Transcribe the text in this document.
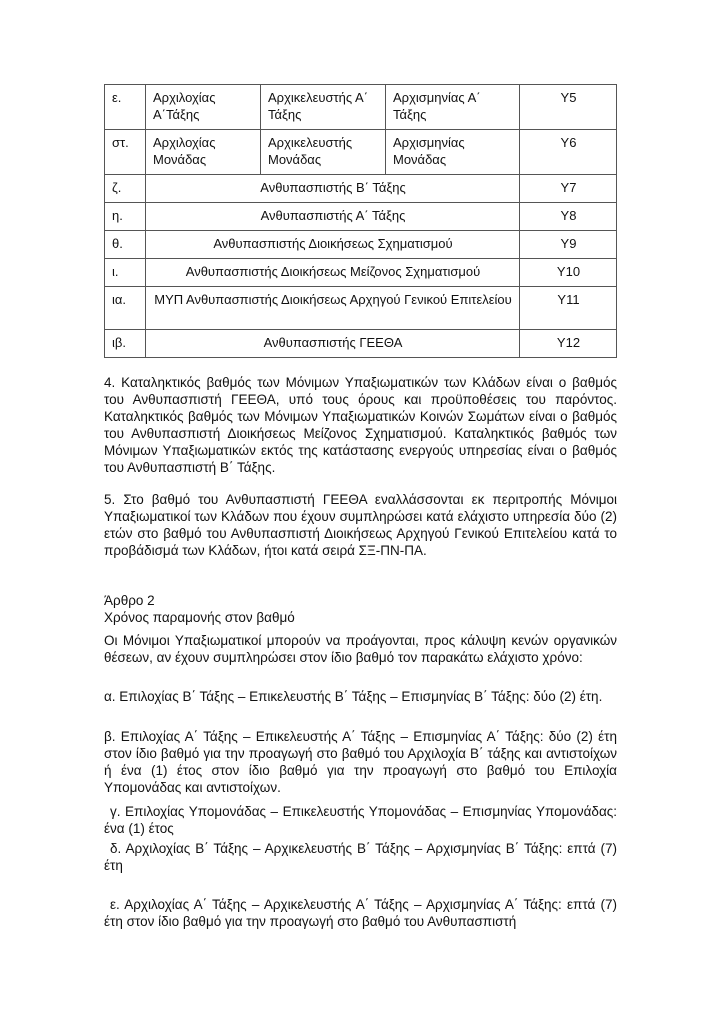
ε.	Αρχιλοχίας Α΄Τάξης	Αρχικελευστής Α΄ Τάξης	Αρχισμηνίας Α΄ Τάξης	Υ5
στ.	Αρχιλοχίας Μονάδας	Αρχικελευστής Μονάδας	Αρχισμηνίας Μονάδας	Υ6
ζ.	Ανθυπασπιστής Β΄ Τάξης			Υ7
η.	Ανθυπασπιστής Α΄ Τάξης			Υ8
θ.	Ανθυπασπιστής Διοικήσεως Σχηματισμού			Υ9
ι.	Ανθυπασπιστής Διοικήσεως Μείζονος Σχηματισμού			Υ10
ια.	ΜΥΠ Ανθυπασπιστής Διοικήσεως Αρχηγού Γενικού Επιτελείου			Υ11
ιβ.	Ανθυπασπιστής ΓΕΕΘΑ			Υ12

4. Καταληκτικός βαθμός των Μόνιμων Υπαξιωματικών των Κλάδων είναι ο βαθμός του Ανθυπασπιστή ΓΕΕΘΑ, υπό τους όρους και προϋποθέσεις του παρόντος. Καταληκτικός βαθμός των Μόνιμων Υπαξιωματικών Κοινών Σωμάτων είναι ο βαθμός του Ανθυπασπιστή Διοικήσεως Μείζονος Σχηματισμού. Καταληκτικός βαθμός των Μόνιμων Υπαξιωματικών εκτός της κατάστασης ενεργούς υπηρεσίας είναι ο βαθμός του Ανθυπασπιστή Β΄ Τάξης.

5. Στο βαθμό του Ανθυπασπιστή ΓΕΕΘΑ εναλλάσσονται εκ περιτροπής Μόνιμοι Υπαξιωματικοί των Κλάδων που έχουν συμπληρώσει κατά ελάχιστο υπηρεσία δύο (2) ετών στο βαθμό του Ανθυπασπιστή Διοικήσεως Αρχηγού Γενικού Επιτελείου κατά το προβάδισμά των Κλάδων, ήτοι κατά σειρά ΣΞ-ΠΝ-ΠΑ.

Άρθρο 2
Χρόνος παραμονής στον βαθμό

Οι Μόνιμοι Υπαξιωματικοί μπορούν να προάγονται, προς κάλυψη κενών οργανικών θέσεων, αν έχουν συμπληρώσει στον ίδιο βαθμό τον παρακάτω ελάχιστο χρόνο:

α. Επιλοχίας Β΄ Τάξης – Επικελευστής Β΄ Τάξης – Επισμηνίας Β΄ Τάξης: δύο (2) έτη.

β. Επιλοχίας Α΄ Τάξης – Επικελευστής Α΄ Τάξης – Επισμηνίας Α΄ Τάξης: δύο (2) έτη στον ίδιο βαθμό για την προαγωγή στο βαθμό του Αρχιλοχία Β΄ τάξης και αντιστοίχων ή ένα (1) έτος στον ίδιο βαθμό για την προαγωγή στο βαθμό του Επιλοχία Υπομονάδας και αντιστοίχων.

γ. Επιλοχίας Υπομονάδας – Επικελευστής Υπομονάδας – Επισμηνίας Υπομονάδας: ένα (1) έτος

δ. Αρχιλοχίας Β΄ Τάξης – Αρχικελευστής Β΄ Τάξης – Αρχισμηνίας Β΄ Τάξης: επτά (7) έτη

ε. Αρχιλοχίας Α΄ Τάξης – Αρχικελευστής Α΄ Τάξης – Αρχισμηνίας Α΄ Τάξης: επτά (7) έτη στον ίδιο βαθμό για την προαγωγή στο βαθμό του Ανθυπασπιστή
